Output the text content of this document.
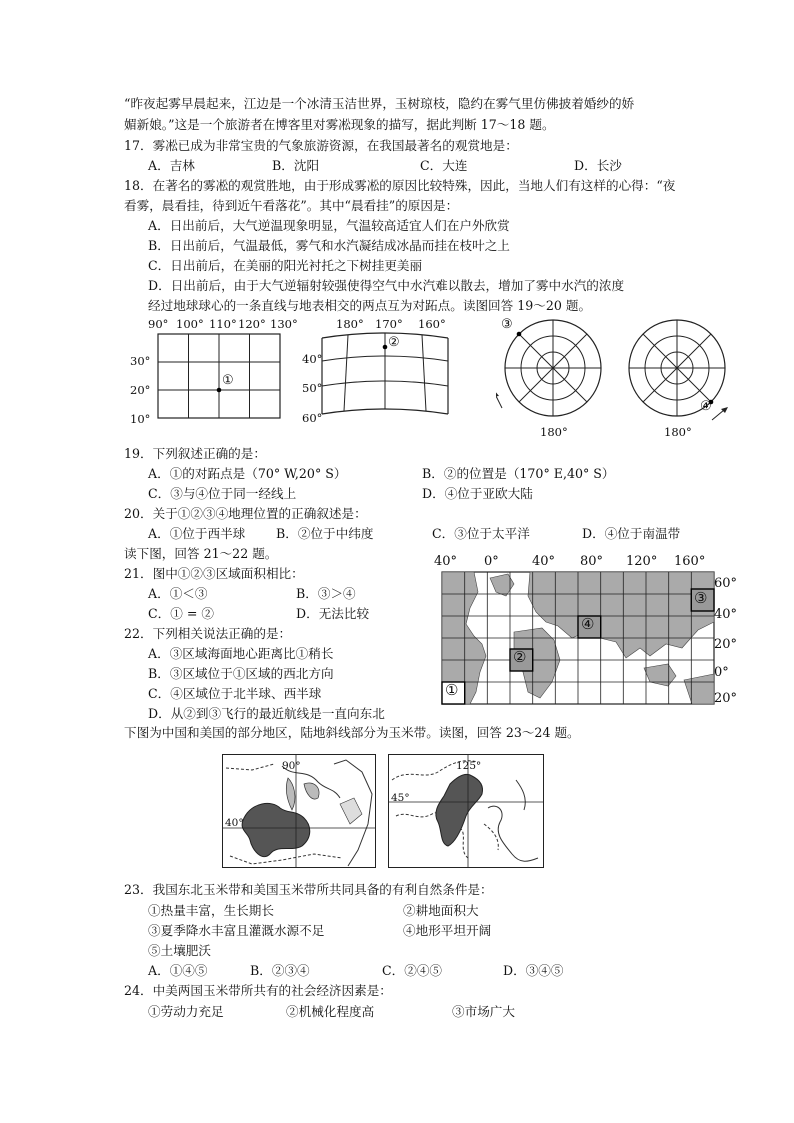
“昨夜起雾早晨起来，江边是一个冰清玉洁世界，玉树琼枝，隐约在雾气里仿佛披着婚纱的娇
媚新娘。”这是一个旅游者在博客里对雾凇现象的描写，据此判断 17～18 题。
17．雾凇已成为非常宝贵的气象旅游资源，在我国最著名的观赏地是：
A．吉林	B．沈阳	C．大连	D．长沙
18．在著名的雾凇的观赏胜地，由于形成雾凇的原因比较特殊，因此，当地人们有这样的心得：“夜
看雾，晨看挂，待到近午看落花”。其中“晨看挂”的原因是：
A．日出前后，大气逆温现象明显，气温较高适宜人们在户外欣赏
B．日出前后，气温最低，雾气和水汽凝结成冰晶而挂在枝叶之上
C．日出前后，在美丽的阳光衬托之下树挂更美丽
D．日出前后，由于大气逆辐射较强使得空气中水汽难以散去，增加了雾中水汽的浓度
经过地球球心的一条直线与地表相交的两点互为对跖点。读图回答 19～20 题。
90° 100° 110° 120° 130°
30°
20°
10°
①
180° 170° 160°
40°
50°
60°
②
③
180°
④
180°
19．下列叙述正确的是：
A．①的对跖点是（70° W,20° S）	B．②的位置是（170° E,40° S）
C．③与④位于同一经线上	D．④位于亚欧大陆
20．关于①②③④地理位置的正确叙述是：
A．①位于西半球 B．②位于中纬度	C．③位于太平洋	D．④位于南温带
读下图，回答 21～22 题。
21．图中①②③区域面积相比：
A．①＜③	B．③＞④
C．① = ②	D．无法比较
22．下列相关说法正确的是：
A．③区域海面地心距离比①稍长
B．③区域位于①区域的西北方向
C．④区域位于北半球、西半球
D．从②到③飞行的最近航线是一直向东北
40° 0°	40° 80° 120° 160°
60°
40°
20°
0°
20°
①
②
③
④
下图为中国和美国的部分地区，陆地斜线部分为玉米带。读图，回答 23～24 题。
90°
40°
125°
45°
23．我国东北玉米带和美国玉米带所共同具备的有利自然条件是：
①热量丰富，生长期长	②耕地面积大
③夏季降水丰富且灌溉水源不足	④地形平坦开阔
⑤土壤肥沃
A．①④⑤	B．②③④	C．②④⑤	D．③④⑤
24．中美两国玉米带所共有的社会经济因素是：
①劳动力充足	②机械化程度高	③市场广大
